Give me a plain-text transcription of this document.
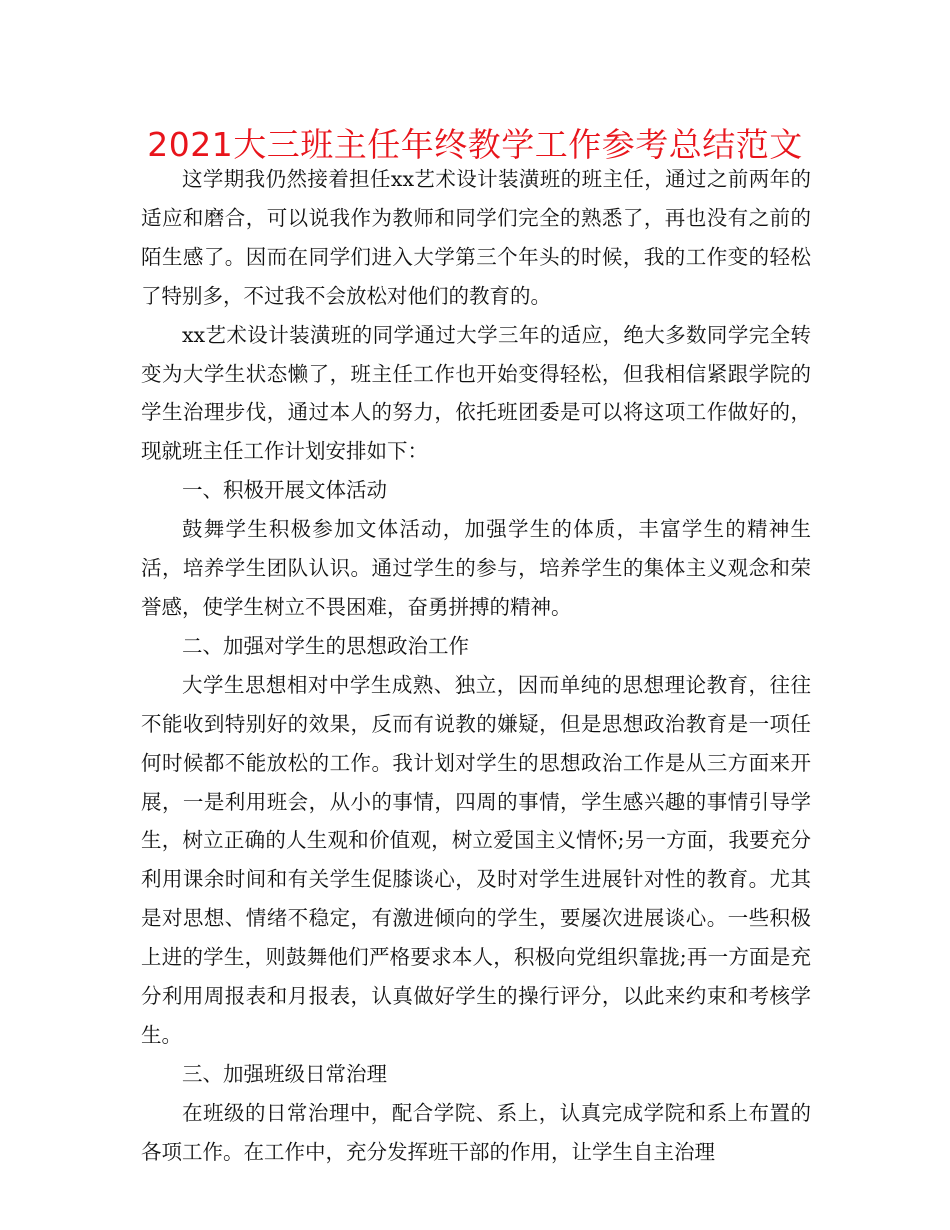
2021大三班主任年终教学工作参考总结范文

这学期我仍然接着担任xx艺术设计装潢班的班主任，通过之前两年的适应和磨合，可以说我作为教师和同学们完全的熟悉了，再也没有之前的陌生感了。因而在同学们进入大学第三个年头的时候，我的工作变的轻松了特别多，不过我不会放松对他们的教育的。

xx艺术设计装潢班的同学通过大学三年的适应，绝大多数同学完全转变为大学生状态懒了，班主任工作也开始变得轻松，但我相信紧跟学院的学生治理步伐，通过本人的努力，依托班团委是可以将这项工作做好的，现就班主任工作计划安排如下：

一、积极开展文体活动

鼓舞学生积极参加文体活动，加强学生的体质，丰富学生的精神生活，培养学生团队认识。通过学生的参与，培养学生的集体主义观念和荣誉感，使学生树立不畏困难，奋勇拼搏的精神。

二、加强对学生的思想政治工作

大学生思想相对中学生成熟、独立，因而单纯的思想理论教育，往往不能收到特别好的效果，反而有说教的嫌疑，但是思想政治教育是一项任何时候都不能放松的工作。我计划对学生的思想政治工作是从三方面来开展，一是利用班会，从小的事情，四周的事情，学生感兴趣的事情引导学生，树立正确的人生观和价值观，树立爱国主义情怀;另一方面，我要充分利用课余时间和有关学生促膝谈心，及时对学生进展针对性的教育。尤其是对思想、情绪不稳定，有激进倾向的学生，要屡次进展谈心。一些积极上进的学生，则鼓舞他们严格要求本人，积极向党组织靠拢;再一方面是充分利用周报表和月报表，认真做好学生的操行评分，以此来约束和考核学生。

三、加强班级日常治理

在班级的日常治理中，配合学院、系上，认真完成学院和系上布置的各项工作。在工作中，充分发挥班干部的作用，让学生自主治理
